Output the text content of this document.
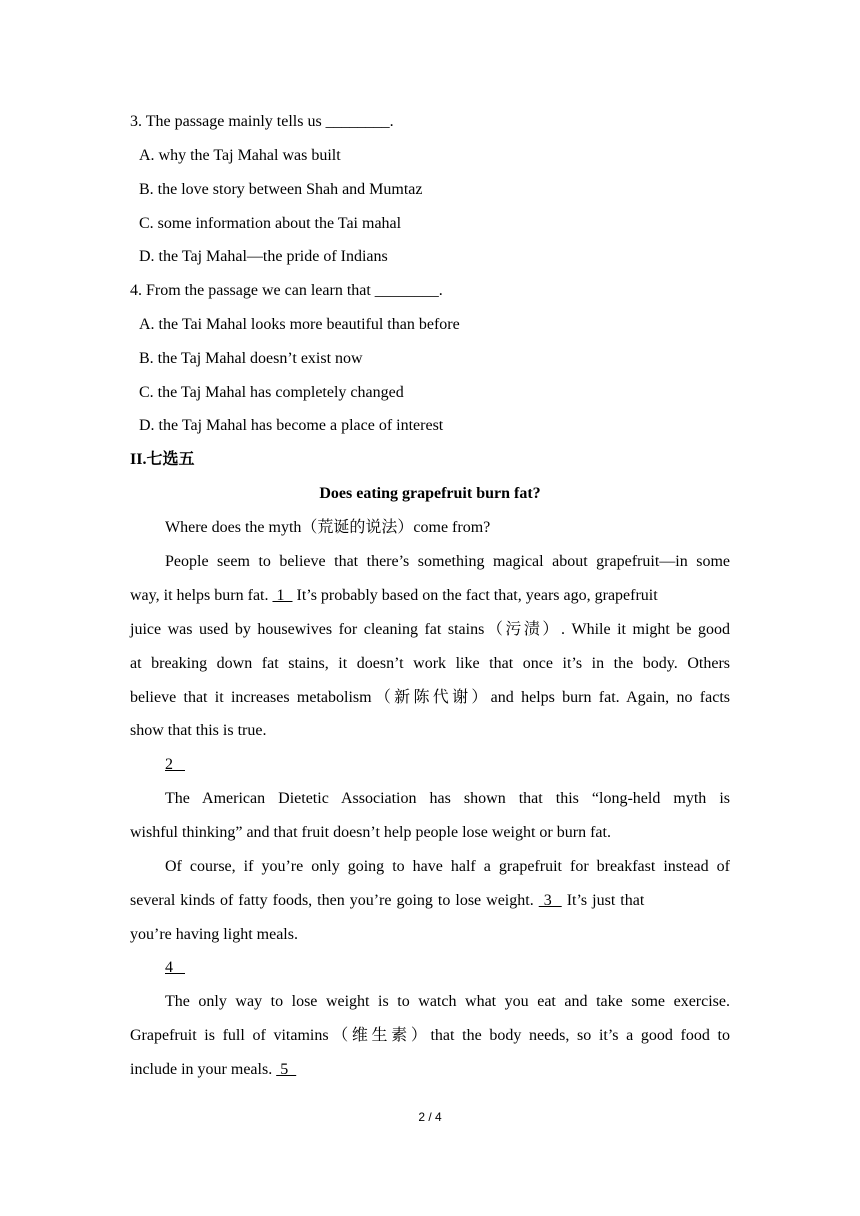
3. The passage mainly tells us ________.
A. why the Taj Mahal was built
B. the love story between Shah and Mumtaz
C. some information about the Tai mahal
D. the Taj Mahal—the pride of Indians
4. From the passage we can learn that ________.
A. the Tai Mahal looks more beautiful than before
B. the Taj Mahal doesn’t exist now
C. the Taj Mahal has completely changed
D. the Taj Mahal has become a place of interest
II.七选五
Does eating grapefruit burn fat?
Where does the myth（荒诞的说法）come from?
People seem to believe that there’s something magical about grapefruit—in some
way, it helps burn fat.  1   It’s probably based on the fact that, years ago, grapefruit
juice was used by housewives for cleaning fat stains（污渍）. While it might be good
at breaking down fat stains, it doesn’t work like that once it’s in the body. Others
believe that it increases metabolism（新陈代谢）and helps burn fat. Again, no facts
show that this is true.
2
The American Dietetic Association has shown that this “long-held myth is
wishful thinking” and that fruit doesn’t help people lose weight or burn fat.
Of course, if you’re only going to have half a grapefruit for breakfast instead of
several kinds of fatty foods, then you’re going to lose weight.  3   It’s just that
you’re having light meals.
4
The only way to lose weight is to watch what you eat and take some exercise.
Grapefruit is full of vitamins（维生素）that the body needs, so it’s a good food to
include in your meals.  5
2 / 4
